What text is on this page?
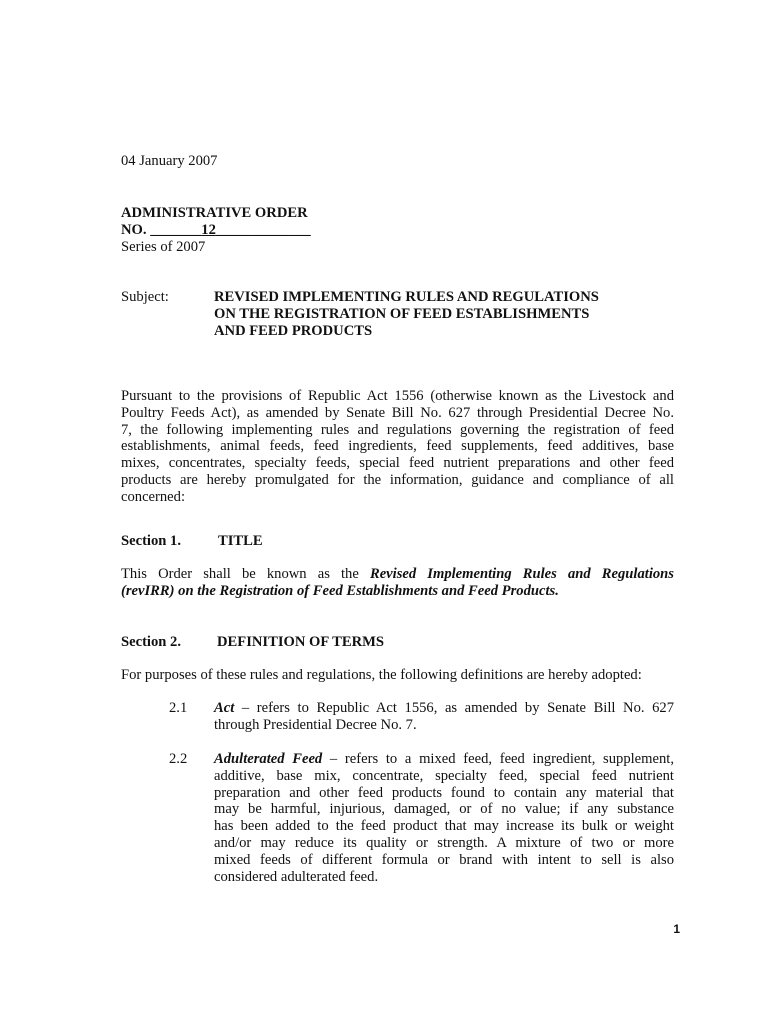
04 January 2007
ADMINISTRATIVE ORDER
NO. _______12_____________
Series of 2007
Subject:	REVISED IMPLEMENTING RULES AND REGULATIONS
ON THE REGISTRATION OF FEED ESTABLISHMENTS
AND FEED PRODUCTS
Pursuant to the provisions of Republic Act 1556 (otherwise known as the Livestock and
Poultry Feeds Act), as amended by Senate Bill No. 627 through Presidential Decree No.
7, the following implementing rules and regulations governing the registration of feed
establishments, animal feeds, feed ingredients, feed supplements, feed additives, base
mixes, concentrates, specialty feeds, special feed nutrient preparations and other feed
products are hereby promulgated for the information, guidance and compliance of all
concerned:
Section 1.	TITLE
This Order shall be known as the Revised Implementing Rules and Regulations
(revIRR) on the Registration of Feed Establishments and Feed Products.
Section 2. DEFINITION OF TERMS
For purposes of these rules and regulations, the following definitions are hereby adopted:
2.1 Act – refers to Republic Act 1556, as amended by Senate Bill No. 627
through Presidential Decree No. 7.
2.2 Adulterated Feed – refers to a mixed feed, feed ingredient, supplement,
additive, base mix, concentrate, specialty feed, special feed nutrient
preparation and other feed products found to contain any material that
may be harmful, injurious, damaged, or of no value; if any substance
has been added to the feed product that may increase its bulk or weight
and/or may reduce its quality or strength. A mixture of two or more
mixed feeds of different formula or brand with intent to sell is also
considered adulterated feed.
1
